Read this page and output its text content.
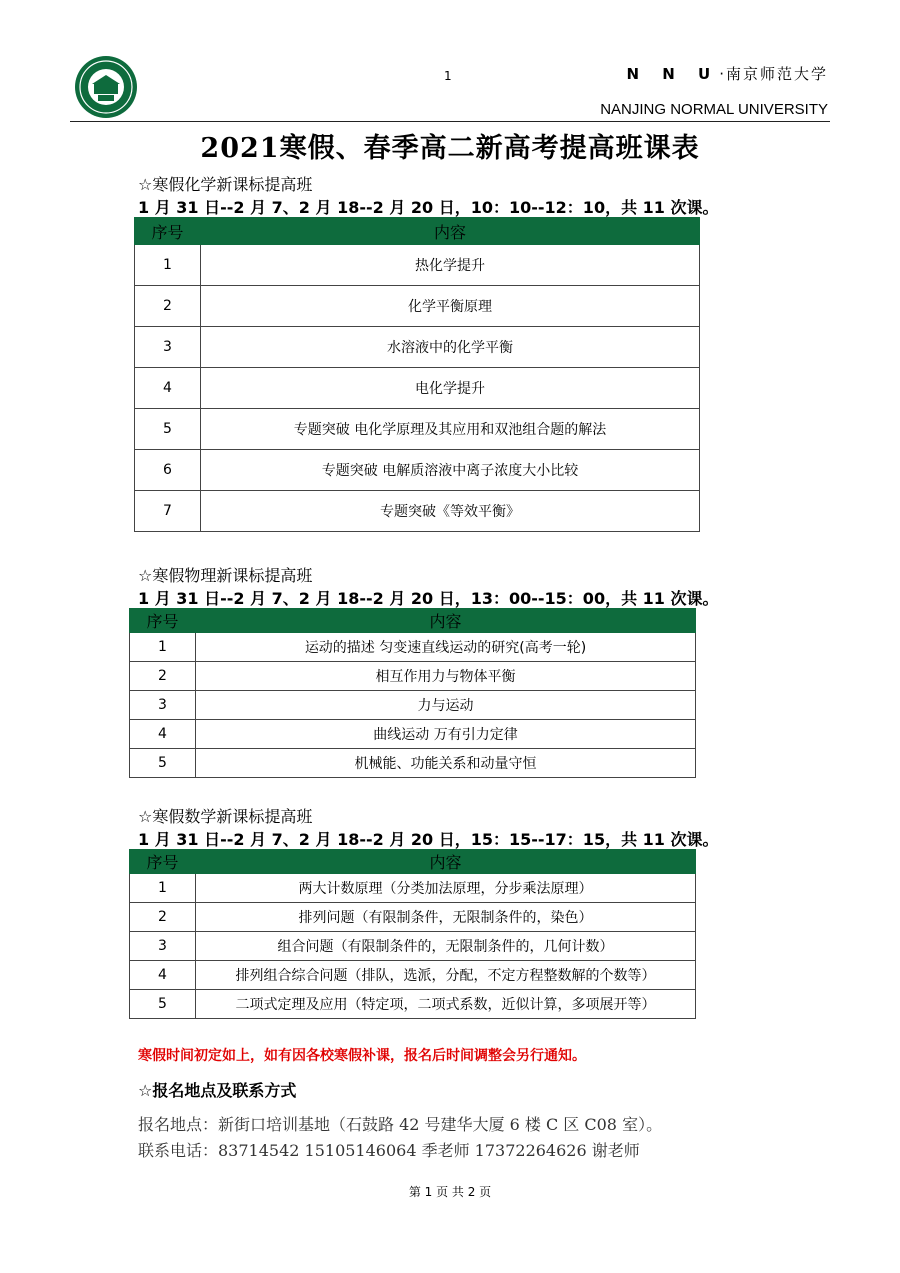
1	N N U·南京师范大学
NANJING NORMAL UNIVERSITY
2021寒假、春季高二新高考提高班课表
☆寒假化学新课标提高班
1 月 31 日--2 月 7、2 月 18--2 月 20 日，10：10--12：10，共 11 次课。
序号	内容
1	热化学提升
2	化学平衡原理
3	水溶液中的化学平衡
4	电化学提升
5	专题突破 电化学原理及其应用和双池组合题的解法
6	专题突破 电解质溶液中离子浓度大小比较
7	专题突破《等效平衡》
☆寒假物理新课标提高班
1 月 31 日--2 月 7、2 月 18--2 月 20 日，13：00--15：00，共 11 次课。
序号	内容
1	运动的描述 匀变速直线运动的研究(高考一轮)
2	相互作用力与物体平衡
3	力与运动
4	曲线运动 万有引力定律
5	机械能、功能关系和动量守恒
☆寒假数学新课标提高班
1 月 31 日--2 月 7、2 月 18--2 月 20 日，15：15--17：15，共 11 次课。
序号	内容
1	两大计数原理（分类加法原理，分步乘法原理）
2	排列问题（有限制条件，无限制条件的，染色）
3	组合问题（有限制条件的，无限制条件的，几何计数）
4	排列组合综合问题（排队，选派，分配，不定方程整数解的个数等）
5	二项式定理及应用（特定项，二项式系数，近似计算，多项展开等）
寒假时间初定如上，如有因各校寒假补课，报名后时间调整会另行通知。
☆报名地点及联系方式
报名地点：新街口培训基地（石鼓路 42 号建华大厦 6 楼 C 区 C08 室）。
联系电话：83714542 15105146064 季老师 17372264626 谢老师
第 1 页 共 2 页
